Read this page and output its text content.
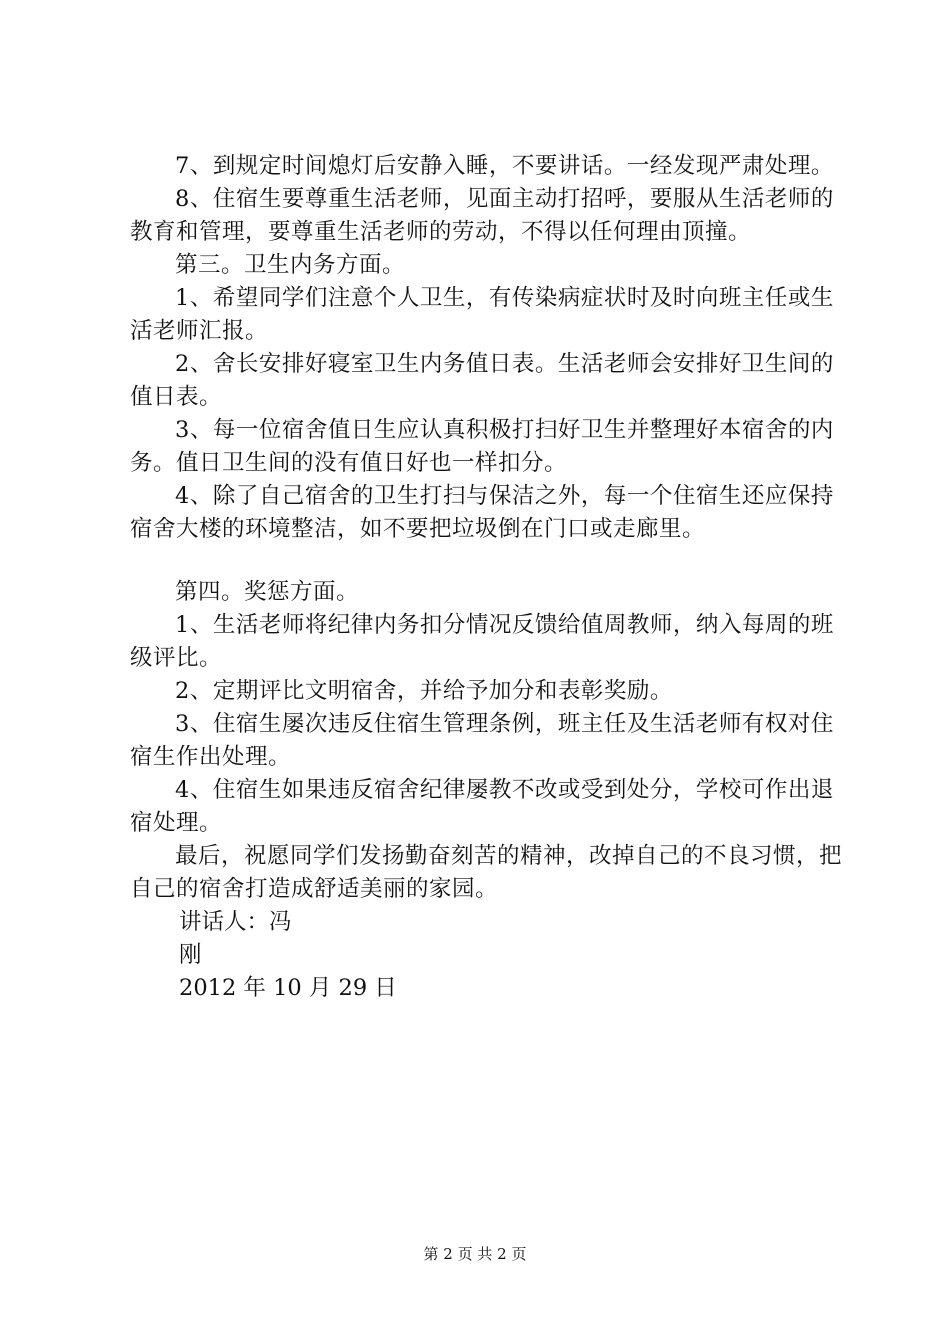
7、到规定时间熄灯后安静入睡，不要讲话。一经发现严肃处理。

8、住宿生要尊重生活老师，见面主动打招呼，要服从生活老师的教育和管理，要尊重生活老师的劳动，不得以任何理由顶撞。

第三。卫生内务方面。

1、希望同学们注意个人卫生，有传染病症状时及时向班主任或生活老师汇报。

2、舍长安排好寝室卫生内务值日表。生活老师会安排好卫生间的值日表。

3、每一位宿舍值日生应认真积极打扫好卫生并整理好本宿舍的内务。值日卫生间的没有值日好也一样扣分。

4、除了自己宿舍的卫生打扫与保洁之外，每一个住宿生还应保持宿舍大楼的环境整洁，如不要把垃圾倒在门口或走廊里。

第四。奖惩方面。

1、生活老师将纪律内务扣分情况反馈给值周教师，纳入每周的班级评比。

2、定期评比文明宿舍，并给予加分和表彰奖励。

3、住宿生屡次违反住宿生管理条例，班主任及生活老师有权对住宿生作出处理。

4、住宿生如果违反宿舍纪律屡教不改或受到处分，学校可作出退宿处理。

最后，祝愿同学们发扬勤奋刻苦的精神，改掉自己的不良习惯，把自己的宿舍打造成舒适美丽的家园。

讲话人：冯

刚

2012 年 10 月 29 日

第 2 页 共 2 页
